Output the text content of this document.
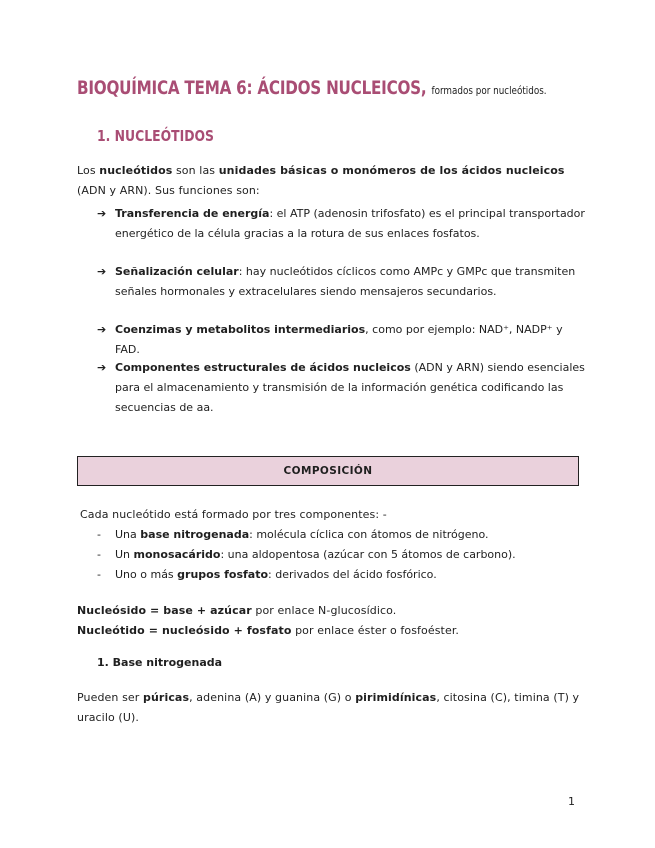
BIOQUÍMICA TEMA 6: ÁCIDOS NUCLEICOS, formados por nucleótidos.
1. NUCLEÓTIDOS
Los nucleótidos son las unidades básicas o monómeros de los ácidos nucleicos (ADN y ARN). Sus funciones son:
➔ Transferencia de energía: el ATP (adenosin trifosfato) es el principal transportador energético de la célula gracias a la rotura de sus enlaces fosfatos.
➔ Señalización celular: hay nucleótidos cíclicos como AMPc y GMPc que transmiten señales hormonales y extracelulares siendo mensajeros secundarios.
➔ Coenzimas y metabolitos intermediarios, como por ejemplo: NAD⁺, NADP⁺ y FAD.
➔ Componentes estructurales de ácidos nucleicos (ADN y ARN) siendo esenciales para el almacenamiento y transmisión de la información genética codificando las secuencias de aa.
COMPOSICIÓN
Cada nucleótido está formado por tres componentes: -
- Una base nitrogenada: molécula cíclica con átomos de nitrógeno.
- Un monosacárido: una aldopentosa (azúcar con 5 átomos de carbono).
- Uno o más grupos fosfato: derivados del ácido fosfórico.
Nucleósido = base + azúcar por enlace N-glucosídico.
Nucleótido = nucleósido + fosfato por enlace éster o fosfoéster.
1. Base nitrogenada
Pueden ser púricas, adenina (A) y guanina (G) o pirimidínicas, citosina (C), timina (T) y uracilo (U).
1
